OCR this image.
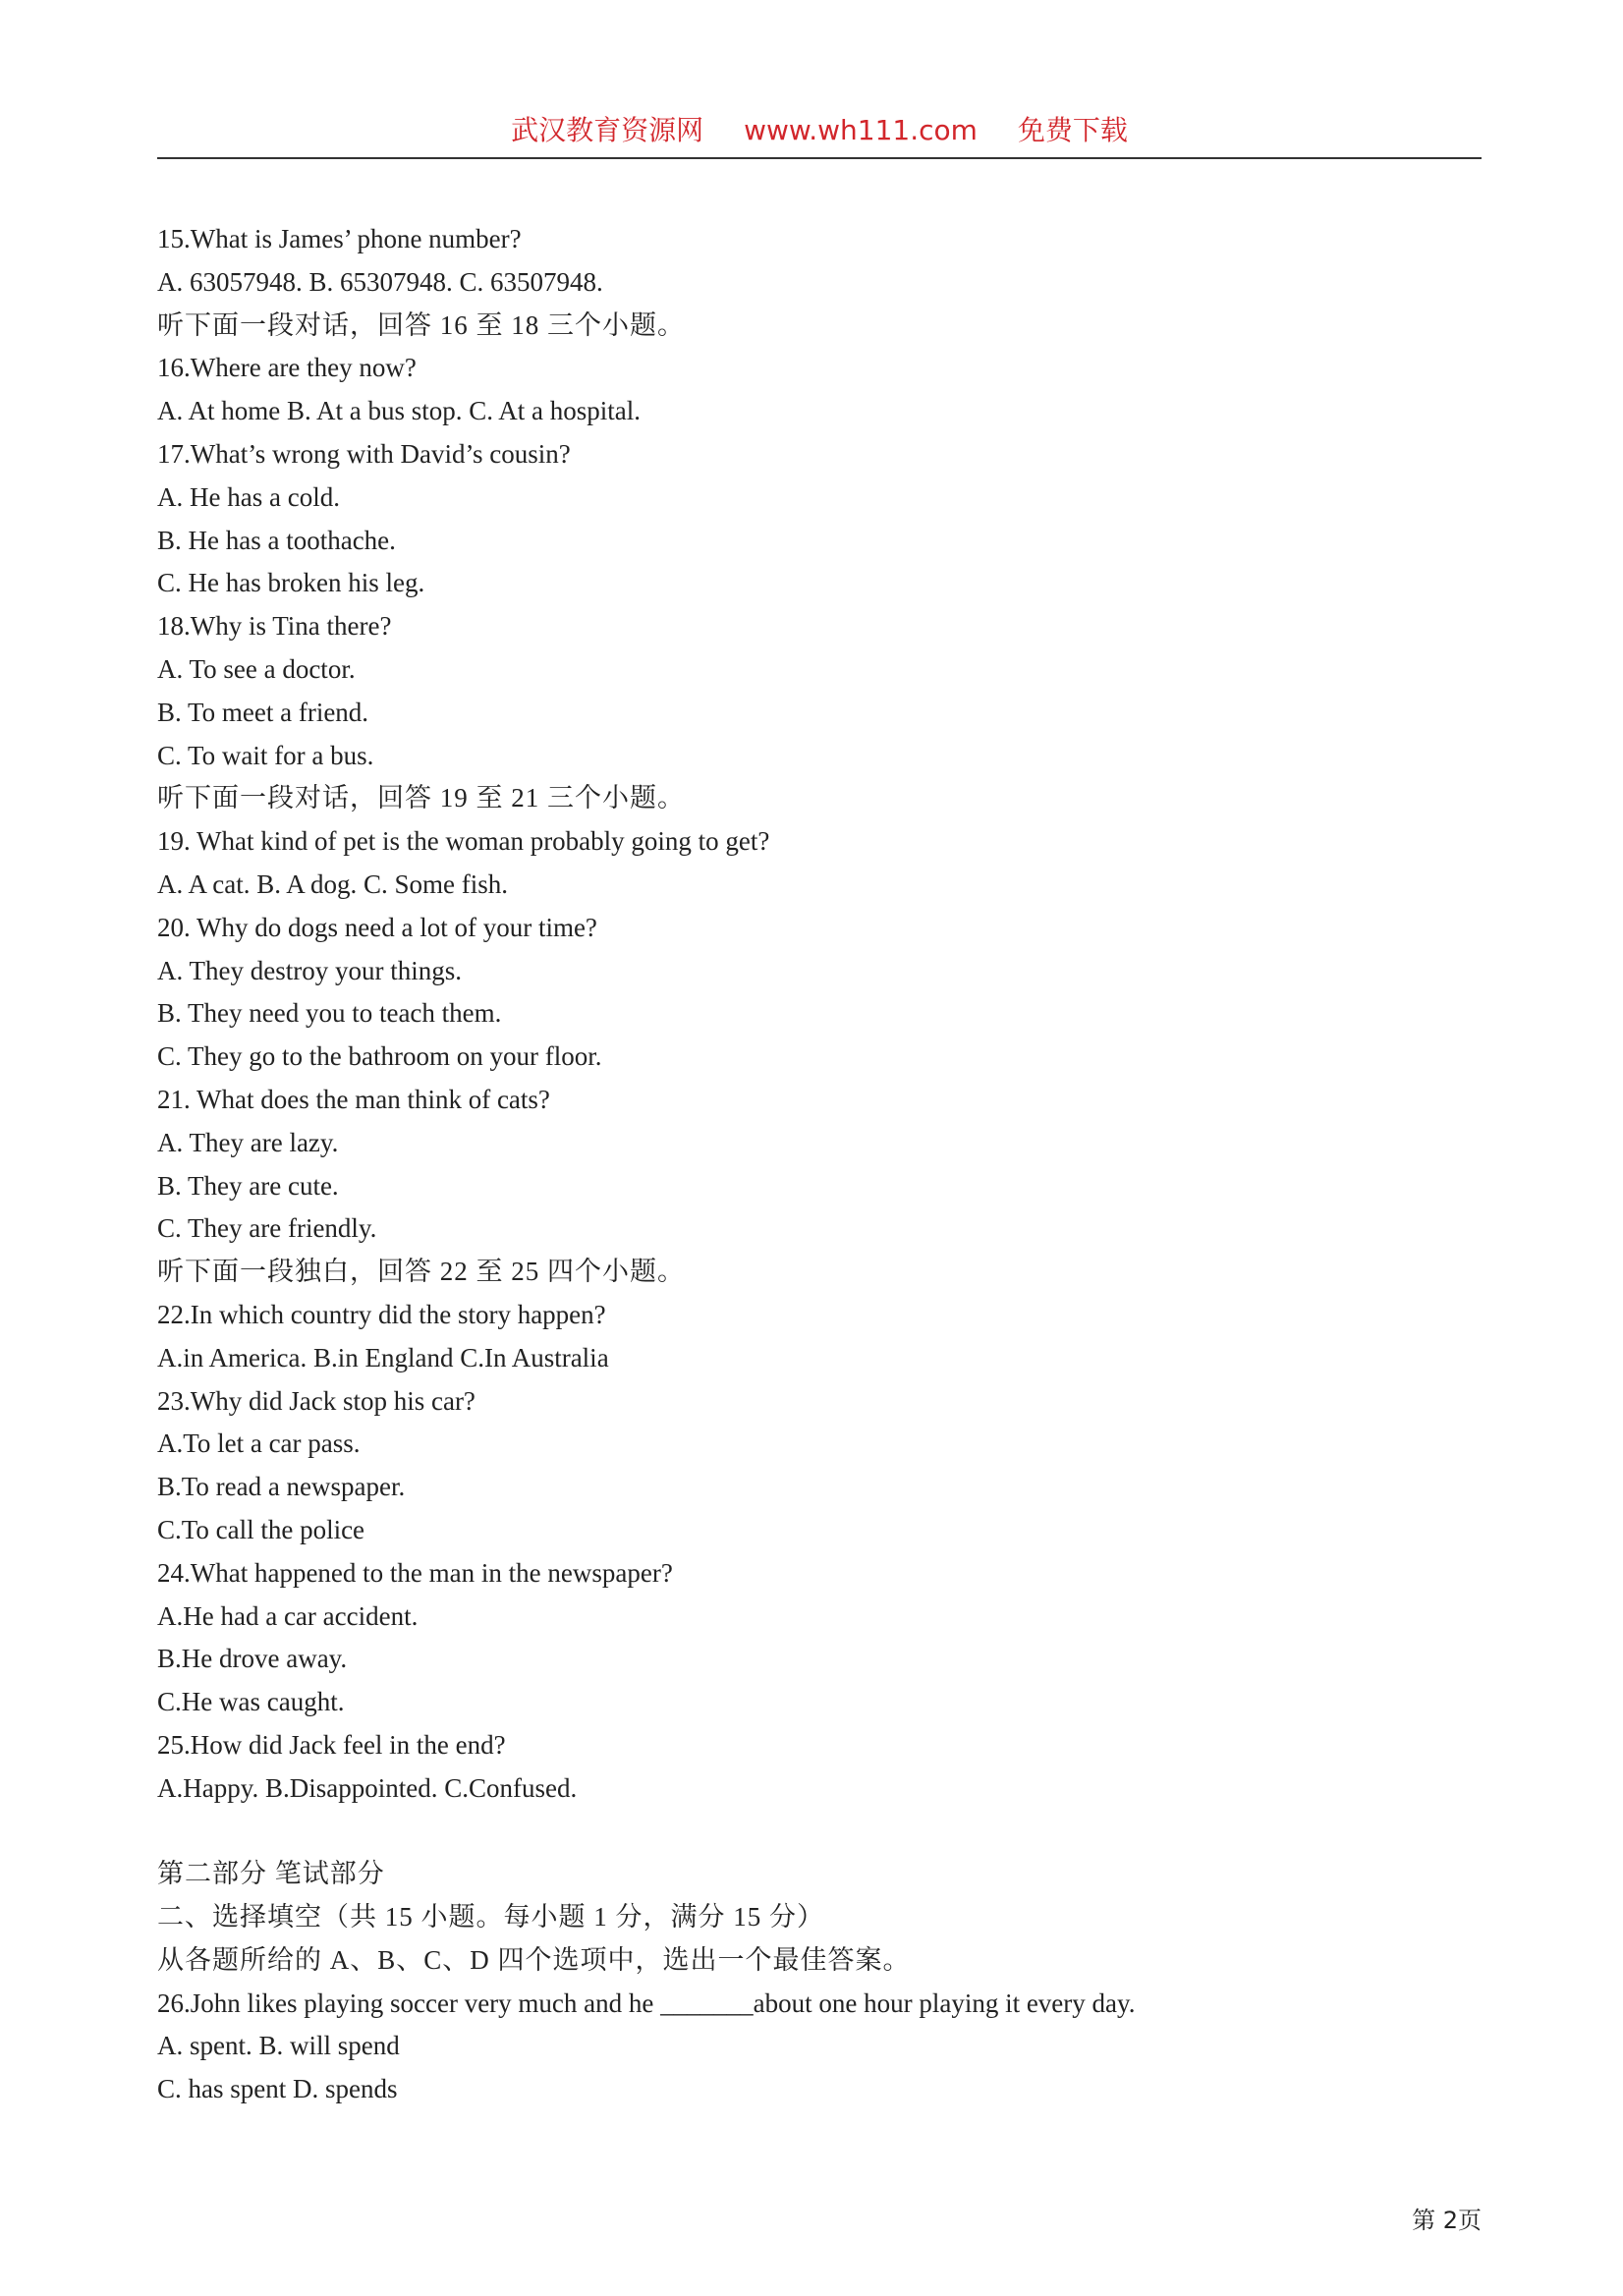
武汉教育资源网 www.wh111.com 免费下载
15.What is James’ phone number?
A. 63057948. B. 65307948. C. 63507948.
听下面一段对话，回答 16 至 18 三个小题。
16.Where are they now?
A. At home B. At a bus stop. C. At a hospital.
17.What’s wrong with David’s cousin?
A. He has a cold.
B. He has a toothache.
C. He has broken his leg.
18.Why is Tina there?
A. To see a doctor.
B. To meet a friend.
C. To wait for a bus.
听下面一段对话，回答 19 至 21 三个小题。
19. What kind of pet is the woman probably going to get?
A. A cat. B. A dog. C. Some fish.
20. Why do dogs need a lot of your time?
A. They destroy your things.
B. They need you to teach them.
C. They go to the bathroom on your floor.
21. What does the man think of cats?
A. They are lazy.
B. They are cute.
C. They are friendly.
听下面一段独白，回答 22 至 25 四个小题。
22.In which country did the story happen?
A.in America. B.in England C.In Australia
23.Why did Jack stop his car?
A.To let a car pass.
B.To read a newspaper.
C.To call the police
24.What happened to the man in the newspaper?
A.He had a car accident.
B.He drove away.
C.He was caught.
25.How did Jack feel in the end?
A.Happy. B.Disappointed. C.Confused.
第二部分 笔试部分
二、选择填空（共 15 小题。每小题 1 分，满分 15 分）
从各题所给的 A、B、C、D 四个选项中，选出一个最佳答案。
26.John likes playing soccer very much and he _______about one hour playing it every day.
A. spent. B. will spend
C. has spent D. spends
第 2页
